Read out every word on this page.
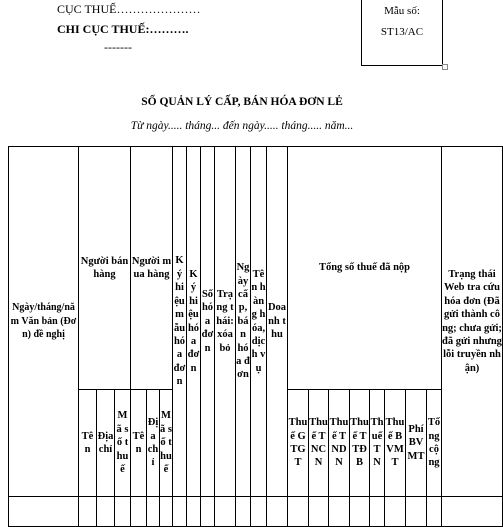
CỤC THUẾ…………………
CHI CỤC THUẾ:……….
-------
Mẫu số:
ST13/AC
SỔ QUẢN LÝ CẤP, BÁN HÓA ĐƠN LẺ
Từ ngày..... tháng... đến ngày..... tháng..... năm...
Ngày/tháng/năm Văn bản (Đơn) đề nghị	Người bán hàng			Người mua hàng			Ký hiệu mẫu hóa đơn	Ký hiệu hóa đơn	Số hóa đơn	Trạng thái: xóa bỏ	Ngày cấp, bán hóa đơn	Tên hàng hóa, dịch vụ	Doanh thu	Tổng số thuế đã nộp								Trạng thái Web tra cứu hóa đơn (Đã gửi thành công; chưa gửi; đã gửi nhưng lỗi truyền nhận)
	Tên	Địa chỉ	Mã số thuế	Tên	Địa chỉ	Mã số thuế								Thuế GTGT	Thuế TNCN	Thuế TNDN	Thuế TTĐB	Thuế TN	Thuế BVMT	Phí BVMT	Tổng cộng	
